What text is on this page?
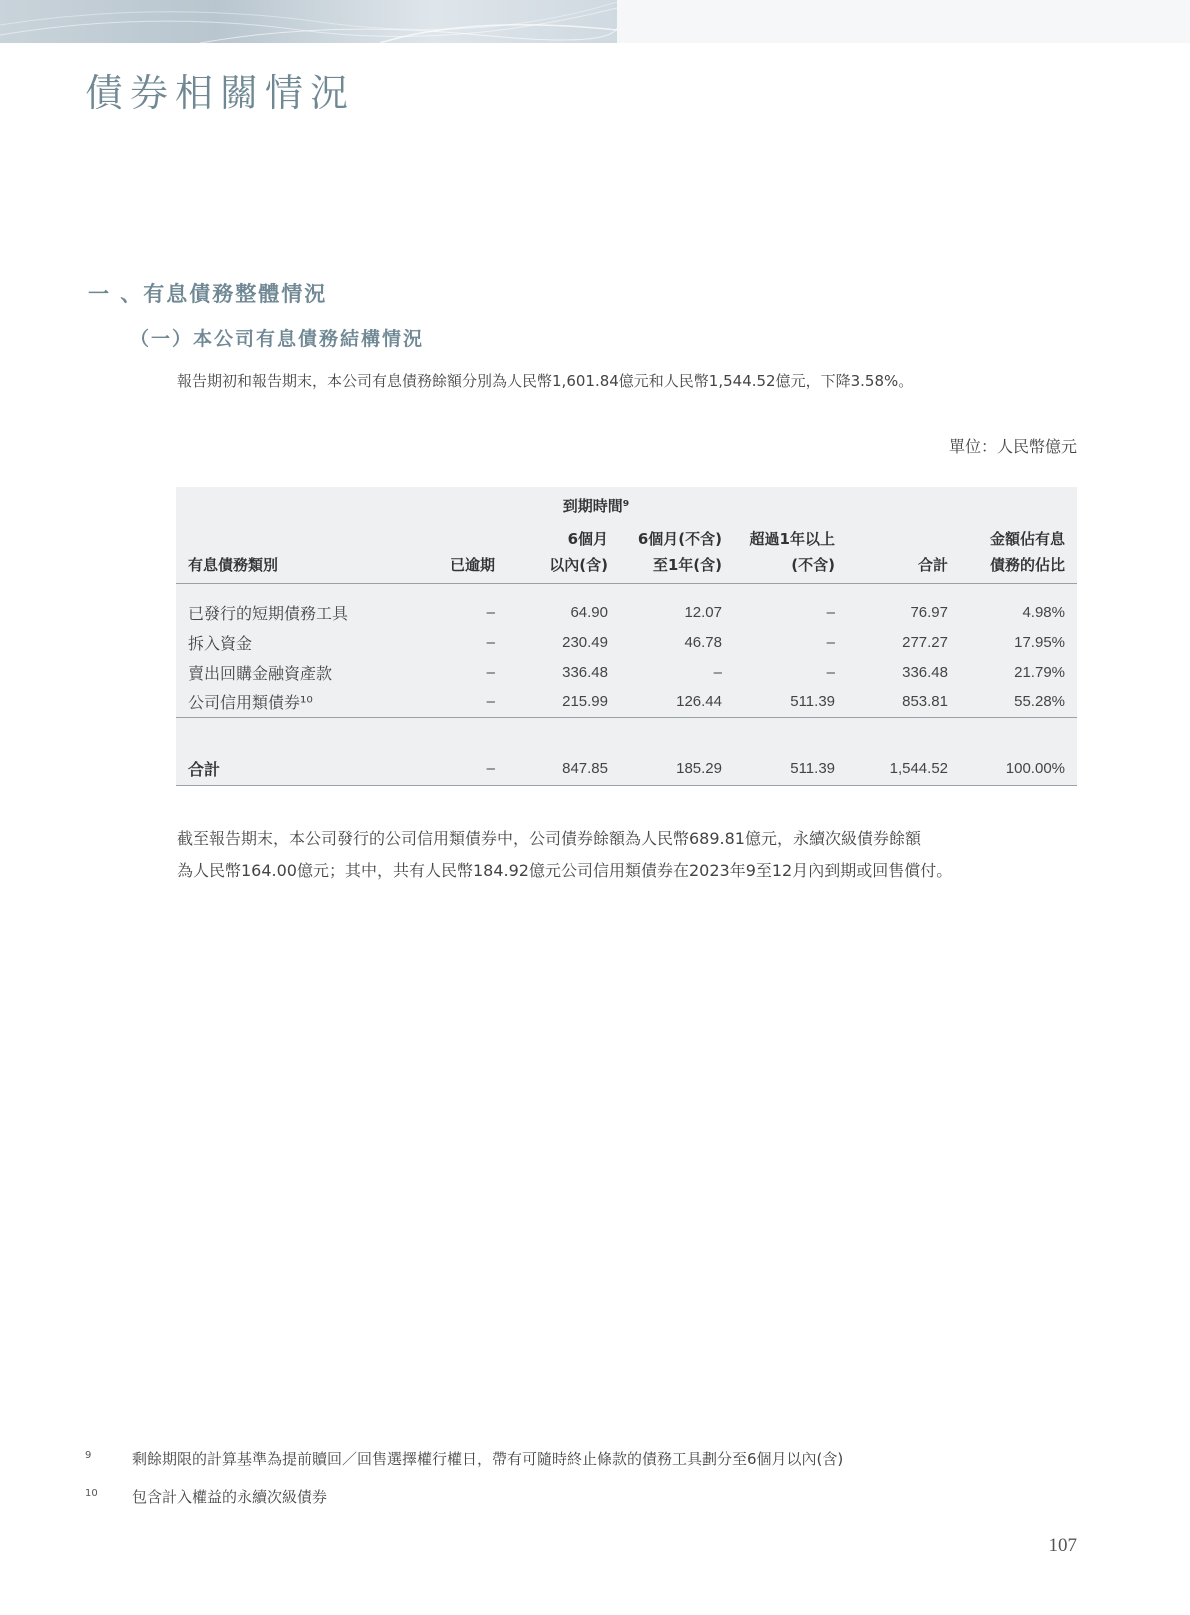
債券相關情況
一 、有息債務整體情況
（一）本公司有息債務結構情況
報告期初和報告期末，本公司有息債務餘額分別為人民幣1,601.84億元和人民幣1,544.52億元，下降3.58%。
單位：人民幣億元
		到期時間⁹				
		6個月	6個月(不含)	超過1年以上		金額佔有息
有息債務類別	已逾期	以內(含)	至1年(含)	(不含)	合計	債務的佔比

已發行的短期債務工具	–	64.90	12.07	–	76.97	4.98%
拆入資金	–	230.49	46.78	–	277.27	17.95%
賣出回購金融資產款	–	336.48	–	–	336.48	21.79%
公司信用類債券¹⁰	–	215.99	126.44	511.39	853.81	55.28%

合計	–	847.85	185.29	511.39	1,544.52	100.00%
截至報告期末，本公司發行的公司信用類債券中，公司債券餘額為人民幣689.81億元，永續次級債券餘額
為人民幣164.00億元；其中，共有人民幣184.92億元公司信用類債券在2023年9至12月內到期或回售償付。
9	剩餘期限的計算基準為提前贖回／回售選擇權行權日，帶有可隨時終止條款的債務工具劃分至6個月以內(含)
10 包含計入權益的永續次級債券
107
